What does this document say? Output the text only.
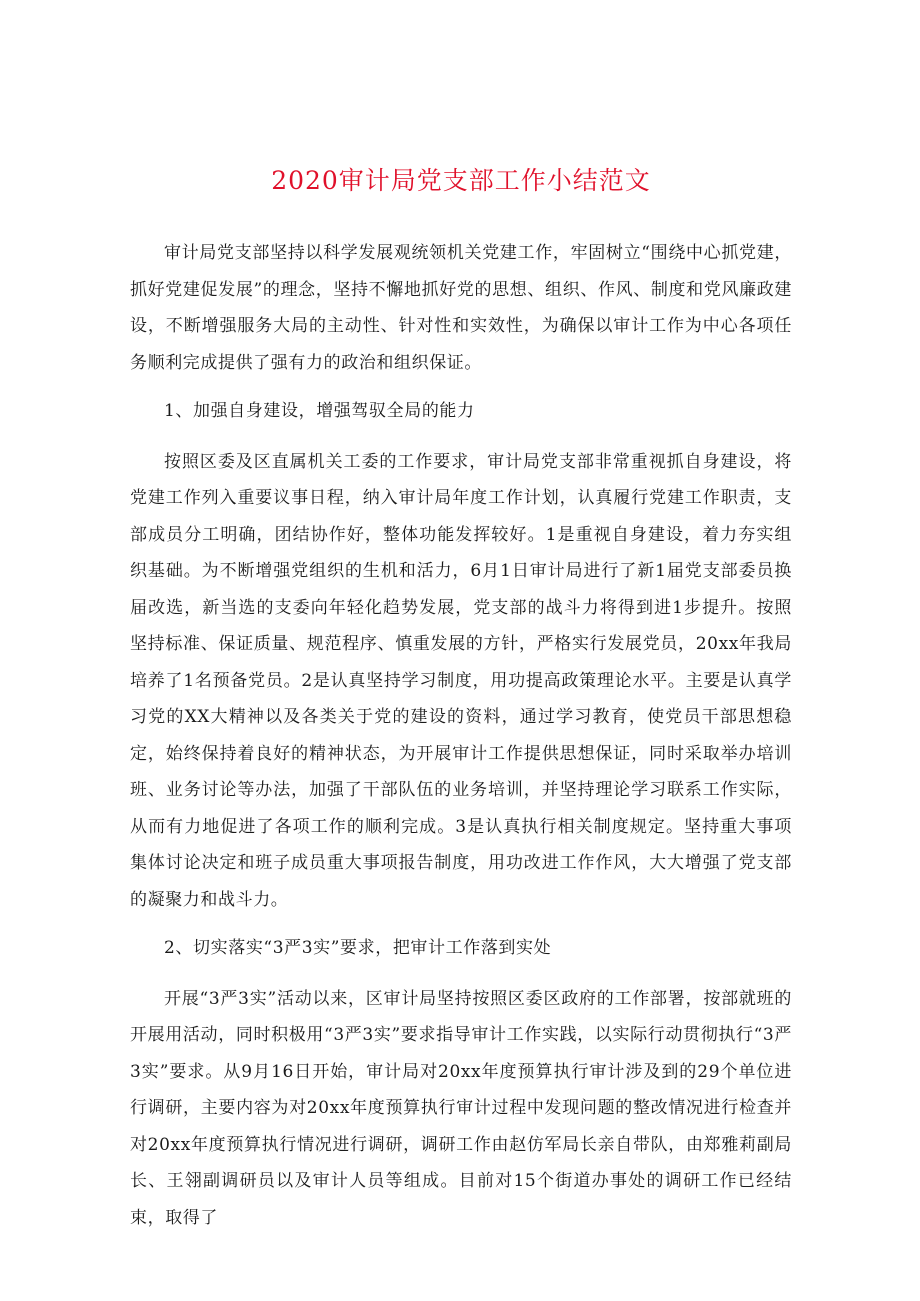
2020审计局党支部工作小结范文

审计局党支部坚持以科学发展观统领机关党建工作，牢固树立“围绕中心抓党建，抓好党建促发展”的理念，坚持不懈地抓好党的思想、组织、作风、制度和党风廉政建设，不断增强服务大局的主动性、针对性和实效性，为确保以审计工作为中心各项任务顺利完成提供了强有力的政治和组织保证。

1、加强自身建设，增强驾驭全局的能力

按照区委及区直属机关工委的工作要求，审计局党支部非常重视抓自身建设，将党建工作列入重要议事日程，纳入审计局年度工作计划，认真履行党建工作职责，支部成员分工明确，团结协作好，整体功能发挥较好。1是重视自身建设，着力夯实组织基础。为不断增强党组织的生机和活力，6月1日审计局进行了新1届党支部委员换届改选，新当选的支委向年轻化趋势发展，党支部的战斗力将得到进1步提升。按照坚持标准、保证质量、规范程序、慎重发展的方针，严格实行发展党员，20xx年我局培养了1名预备党员。2是认真坚持学习制度，用功提高政策理论水平。主要是认真学习党的XX大精神以及各类关于党的建设的资料，通过学习教育，使党员干部思想稳定，始终保持着良好的精神状态，为开展审计工作提供思想保证，同时采取举办培训班、业务讨论等办法，加强了干部队伍的业务培训，并坚持理论学习联系工作实际，从而有力地促进了各项工作的顺利完成。3是认真执行相关制度规定。坚持重大事项集体讨论决定和班子成员重大事项报告制度，用功改进工作作风，大大增强了党支部的凝聚力和战斗力。

2、切实落实“3严3实”要求，把审计工作落到实处

开展“3严3实”活动以来，区审计局坚持按照区委区政府的工作部署，按部就班的开展用活动，同时积极用“3严3实”要求指导审计工作实践，以实际行动贯彻执行“3严3实”要求。从9月16日开始，审计局对20xx年度预算执行审计涉及到的29个单位进行调研，主要内容为对20xx年度预算执行审计过程中发现问题的整改情况进行检查并对20xx年度预算执行情况进行调研，调研工作由赵仿军局长亲自带队，由郑雅莉副局长、王翎副调研员以及审计人员等组成。目前对15个街道办事处的调研工作已经结束，取得了
